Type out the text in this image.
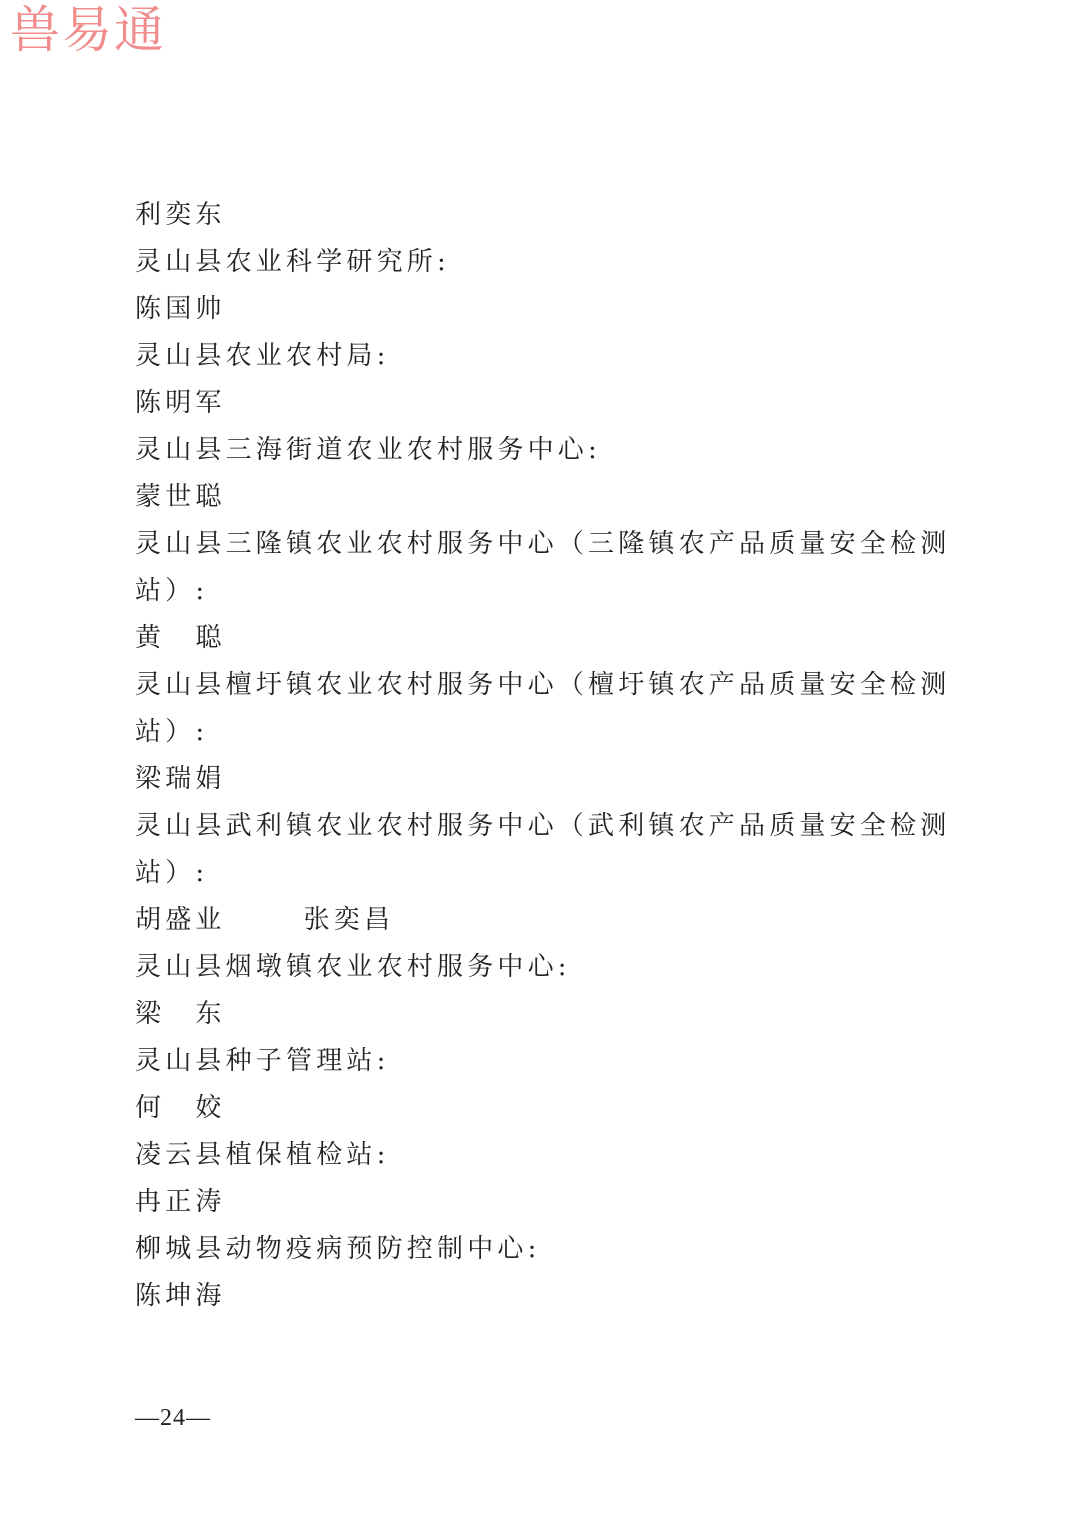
兽易通
利奕东
灵山县农业科学研究所:
陈国帅
灵山县农业农村局:
陈明军
灵山县三海街道农业农村服务中心:
蒙世聪
灵山县三隆镇农业农村服务中心（三隆镇农产品质量安全检测
站）:
黄　聪
灵山县檀圩镇农业农村服务中心（檀圩镇农产品质量安全检测
站）:
梁瑞娟
灵山县武利镇农业农村服务中心（武利镇农产品质量安全检测
站）:
胡盛业	张奕昌
灵山县烟墩镇农业农村服务中心:
梁　东
灵山县种子管理站:
何　姣
凌云县植保植检站:
冉正涛
柳城县动物疫病预防控制中心:
陈坤海
—24—
